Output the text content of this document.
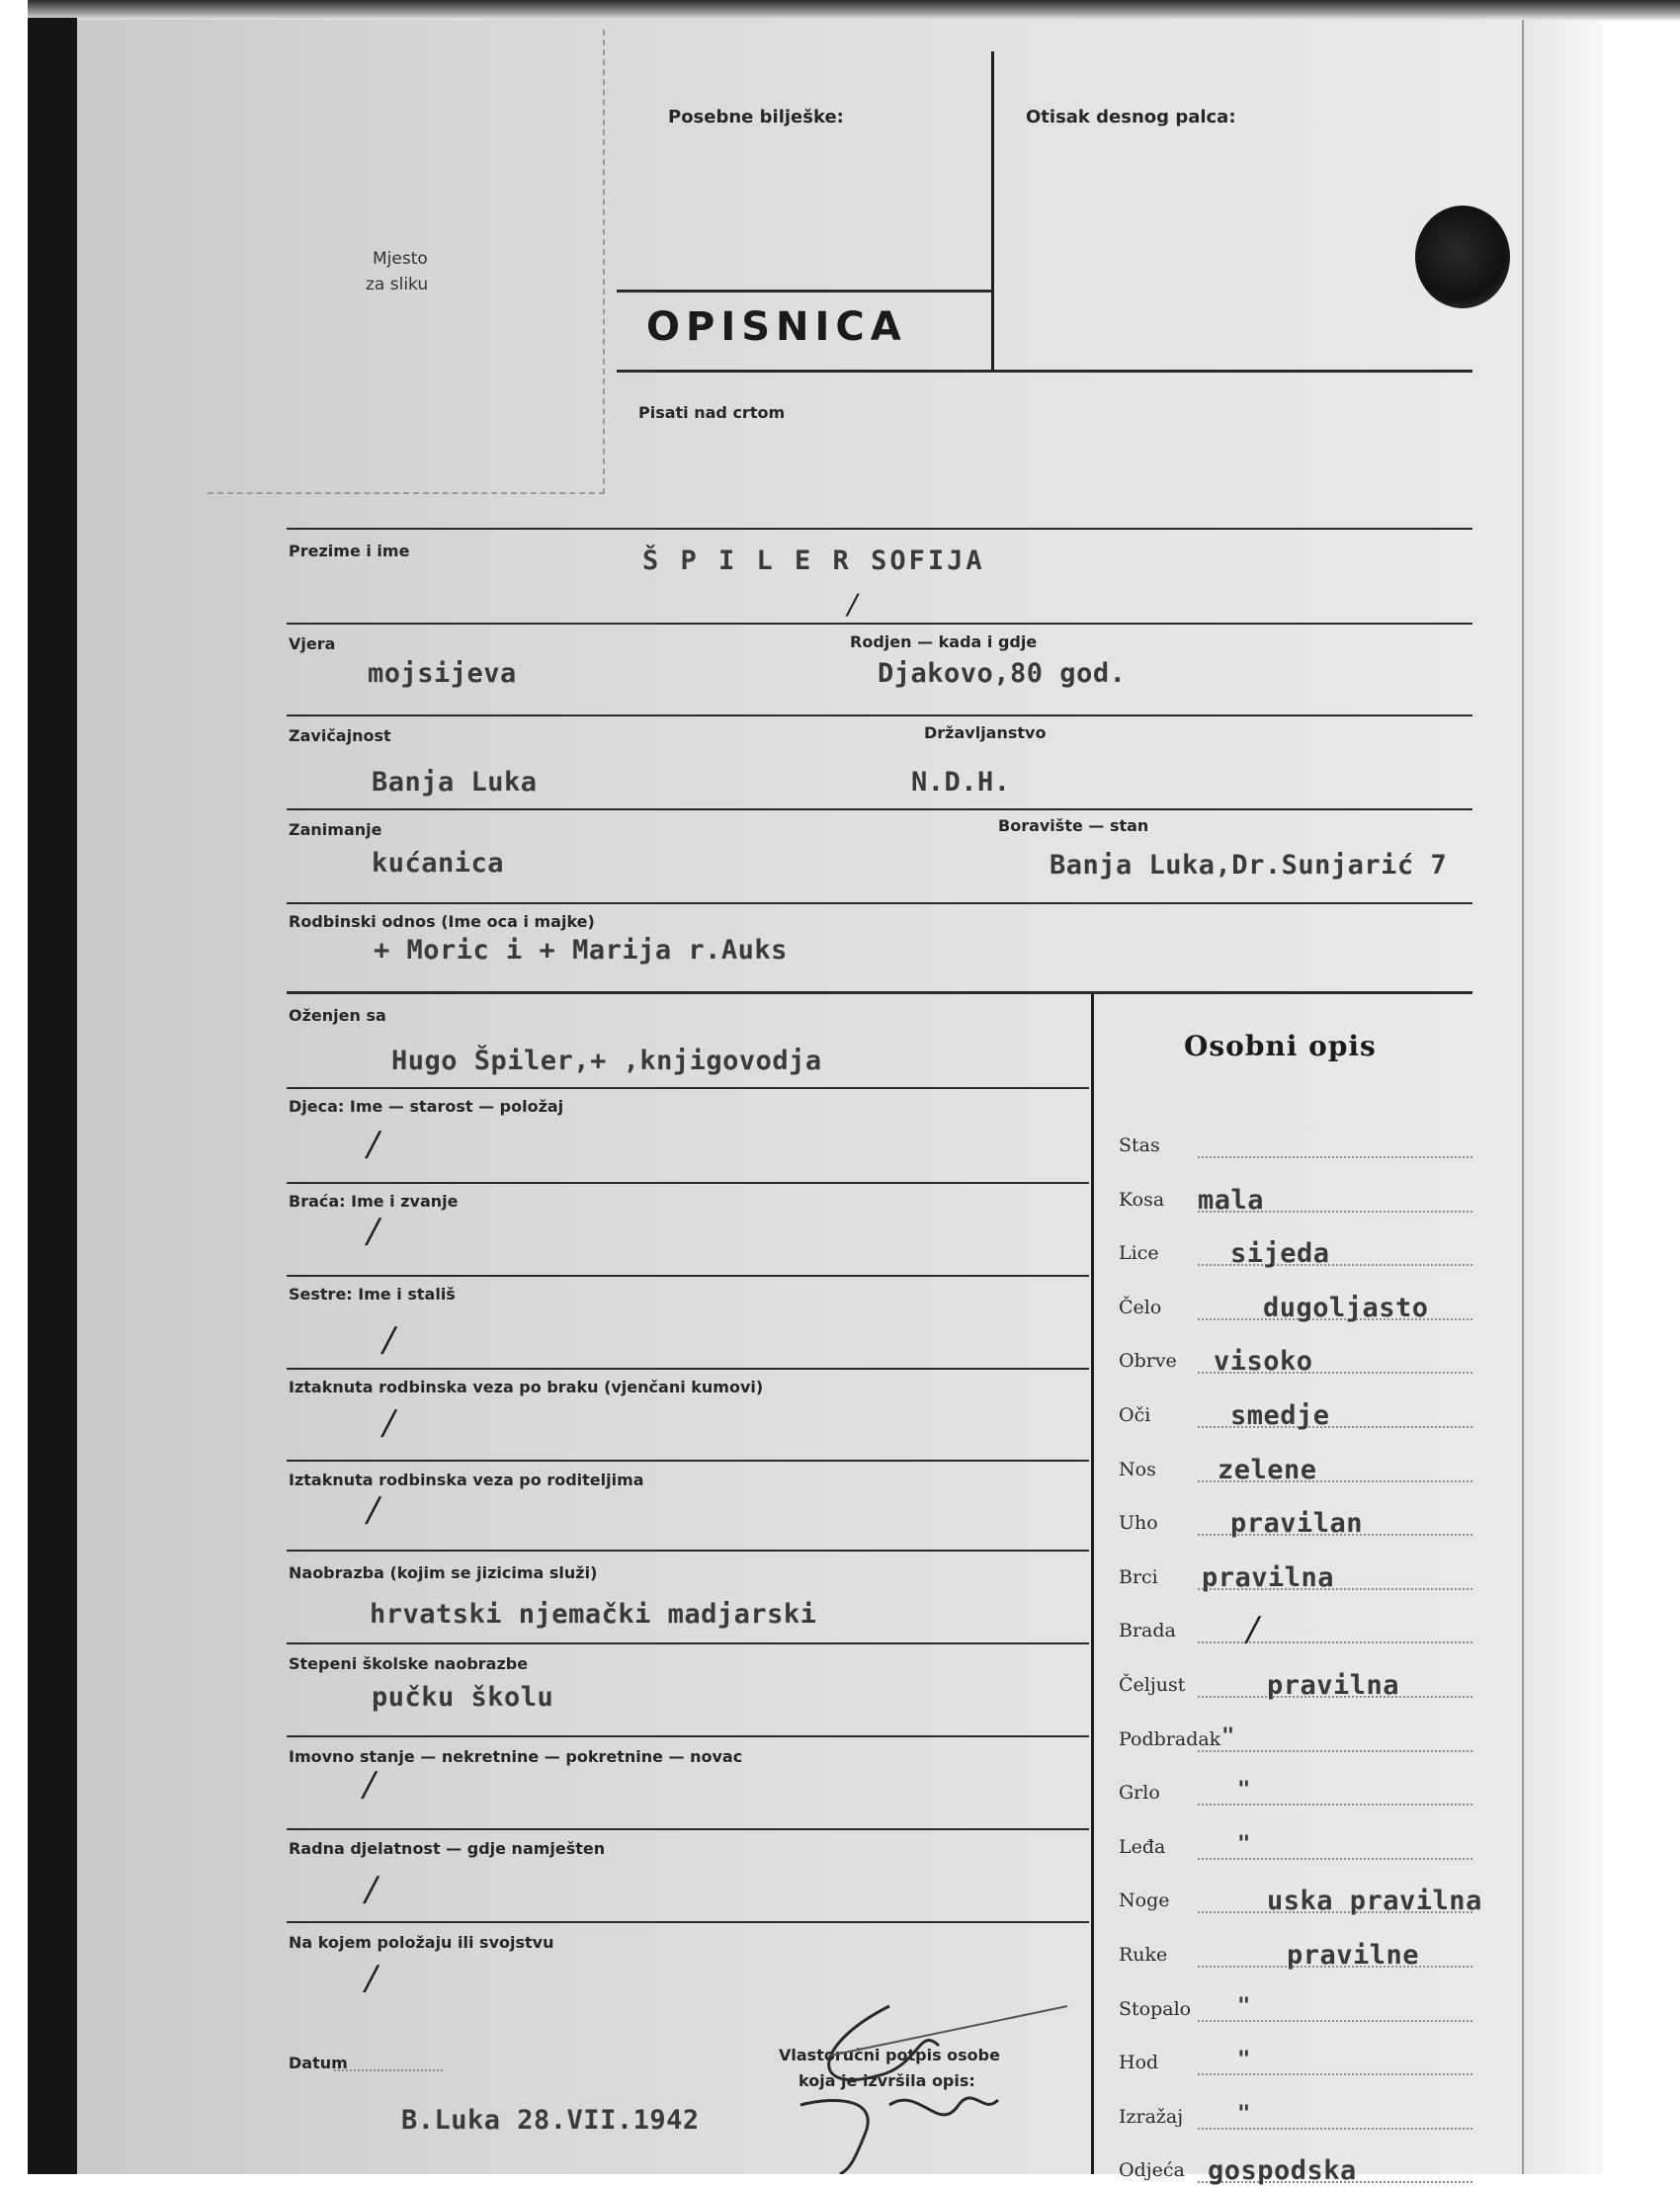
Mjesto
za sliku
Posebne bilješke:	Otisak desnog palca:
OPISNICA
Pisati nad crtom
Prezime i ime	Š P I L E R SOFIJA
/
Vjera
mojsijeva
Rodjen — kada i gdje
Djakovo,80 god.
Zavičajnost
Banja Luka
Državljanstvo
N.D.H.
Zanimanje
kućanica
Boravište — stan
Banja Luka,Dr.Sunjarić 7
Rodbinski odnos (Ime oca i majke)
+ Moric i + Marija r.Auks
Oženjen sa
Hugo Špiler,+ ,knjigovodja
Djeca: Ime — starost — položaj
/
Braća: Ime i zvanje
/
Sestre: Ime i stališ
/
Iztaknuta rodbinska veza po braku (vjenčani kumovi)
/
Iztaknuta rodbinska veza po roditeljima
/
Naobrazba (kojim se jizicima služi)
hrvatski njemački madjarski
Stepeni školske naobrazbe
pučku školu
Imovno stanje — nekretnine — pokretnine — novac
/
Radna djelatnost — gdje namješten
/
Na kojem položaju ili svojstvu
/
Datum
B.Luka 28.VII.1942
Vlastoručni potpis osobe
koja je izvršila opis:
Osobni opis
Stas
Kosa mala
Lice	sijeda
Čelo	dugoljasto
Obrve visoko
Oči	smedje
Nos zelene
Uho	pravilan
Brci pravilna
Brada /
Čeljust	pravilna
Podbradak "
Grlo	"
Leđa	"
Noge	uska pravilna
Ruke	pravilne
Stopalo "
Hod	"
Izražaj "
Odjeća gospodska
